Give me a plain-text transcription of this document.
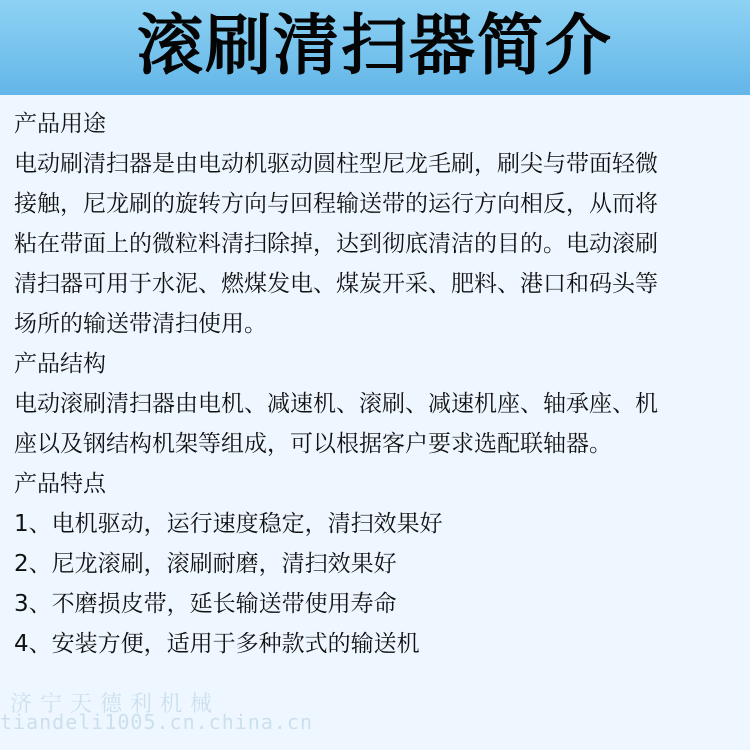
滚刷清扫器简介
产品用途
电动刷清扫器是由电动机驱动圆柱型尼龙毛刷，刷尖与带面轻微
接触，尼龙刷的旋转方向与回程输送带的运行方向相反，从而将
粘在带面上的微粒料清扫除掉，达到彻底清洁的目的。电动滚刷
清扫器可用于水泥、燃煤发电、煤炭开采、肥料、港口和码头等
场所的输送带清扫使用。
产品结构
电动滚刷清扫器由电机、减速机、滚刷、减速机座、轴承座、机
座以及钢结构机架等组成，可以根据客户要求选配联轴器。
产品特点
1、电机驱动，运行速度稳定，清扫效果好
2、尼龙滚刷，滚刷耐磨，清扫效果好
3、不磨损皮带，延长输送带使用寿命
4、安装方便，适用于多种款式的输送机
济宁天德利机械
tiandeli1005.cn.china.cn
